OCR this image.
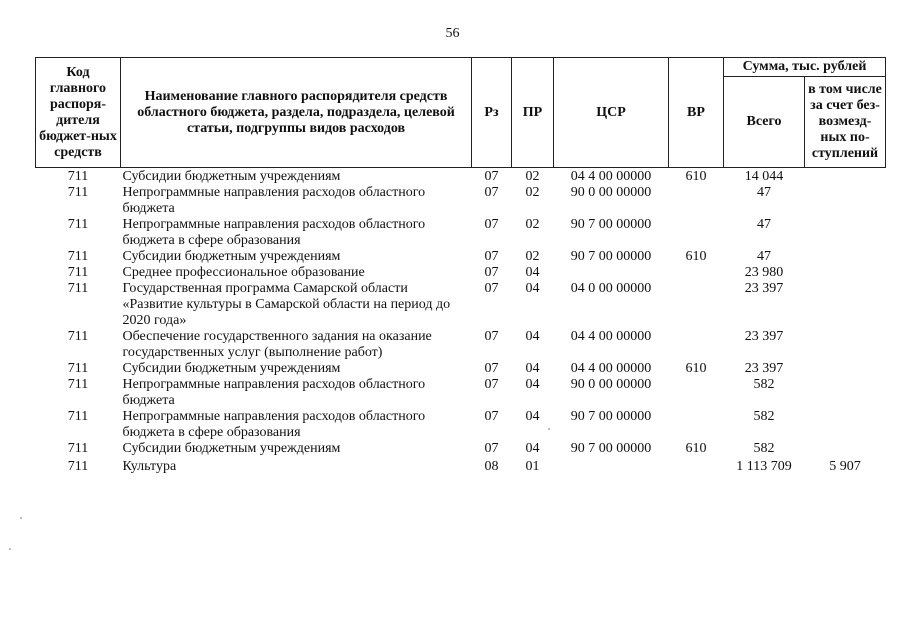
56
Код главного распоря-дителя бюджет-ных средств	Наименование главного распорядителя средств областного бюджета, раздела, подраздела, целевой статьи, подгруппы видов расходов	Рз	ПР	ЦСР	ВР	Сумма, тыс. рублей	
						Всего	в том числе за счет без-возмезд-ных по-ступлений
711	Субсидии бюджетным учреждениям	07	02	04 4 00 00000	610	14 044	
711	Непрограммные направления расходов областного бюджета	07	02	90 0 00 00000		47	
711	Непрограммные направления расходов областного бюджета в сфере образования	07	02	90 7 00 00000		47	
711	Субсидии бюджетным учреждениям	07	02	90 7 00 00000	610	47	
711	Среднее профессиональное образование	07	04			23 980	
711	Государственная программа Самарской области «Развитие культуры в Самарской области на период до 2020 года»	07	04	04 0 00 00000		23 397	
711	Обеспечение государственного задания на оказание государственных услуг (выполнение работ)	07	04	04 4 00 00000		23 397	
711	Субсидии бюджетным учреждениям	07	04	04 4 00 00000	610	23 397	
711	Непрограммные направления расходов областного бюджета	07	04	90 0 00 00000		582	
711	Непрограммные направления расходов областного бюджета в сфере образования	07	04	90 7 00 00000		582	
711	Субсидии бюджетным учреждениям	07	04	90 7 00 00000	610	582	
711	Культура	08	01			1 113 709	5 907
